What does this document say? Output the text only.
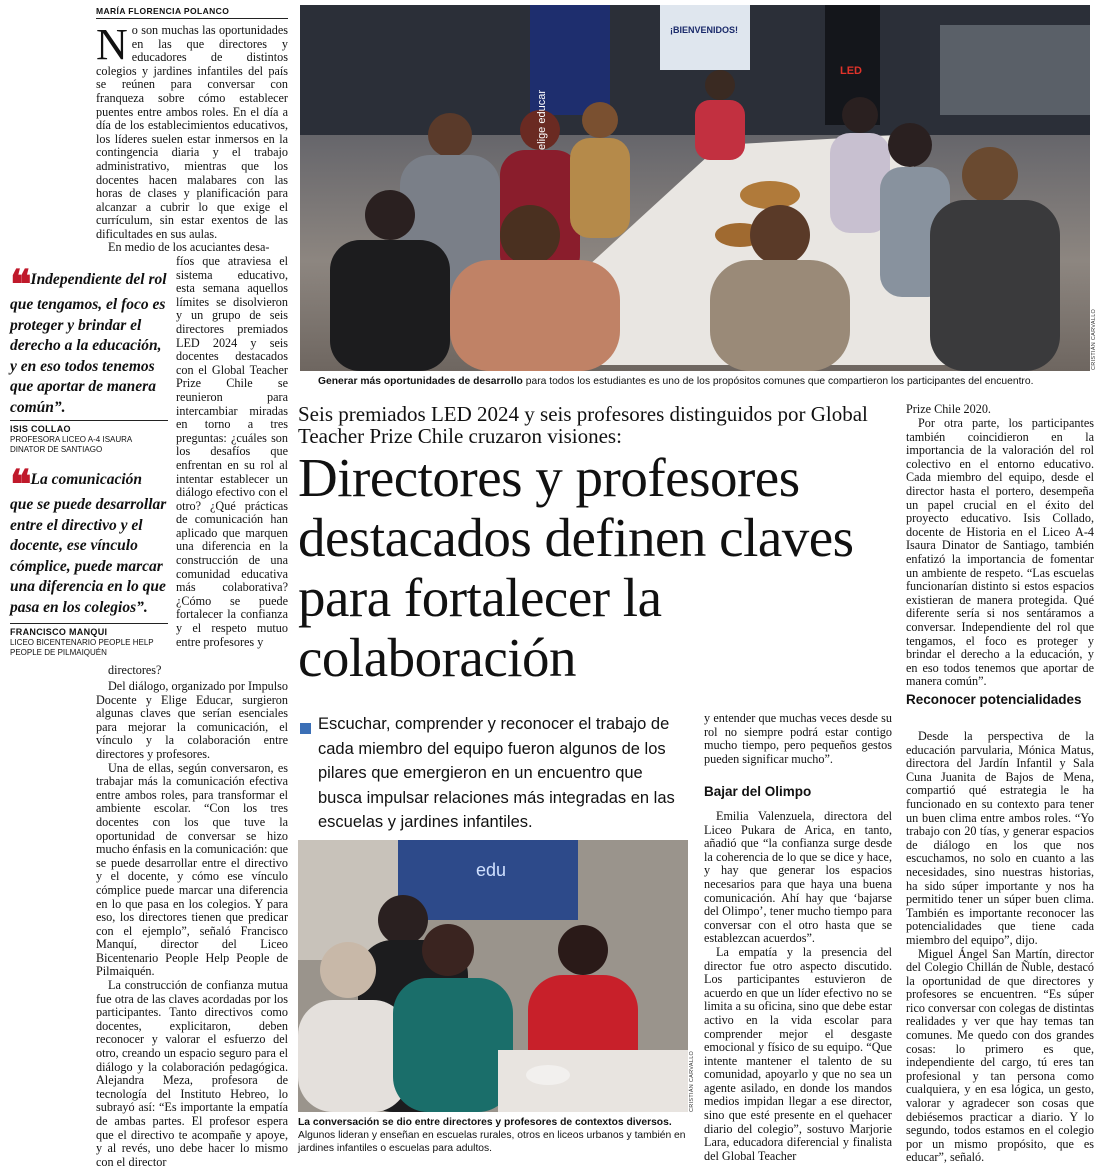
MARÍA FLORENCIA POLANCO
N o son muchas las oportunidades en las que directores y educadores de distintos colegios y jardines infantiles del país se reúnen para conversar con franqueza sobre cómo establecer puentes entre ambos roles. En el día a día de los establecimientos educativos, los líderes suelen estar inmersos en la contingencia diaria y el trabajo administrativo, mientras que los docentes hacen malabares con las horas de clases y planificación para alcanzar a cubrir lo que exige el currículum, sin estar exentos de las dificultades en sus aulas.

En medio de los acuciantes desa-

❝ Independiente del rol que tengamos, el foco es proteger y brindar el derecho a la educación, y en eso todos tenemos que aportar de manera común”.
ISIS COLLAO
PROFESORA LICEO A-4 ISAURA DINATOR DE SANTIAGO
❝ La comunicación que se puede desarrollar entre el directivo y el docente, ese vínculo cómplice, puede marcar una diferencia en lo que pasa en los colegios”.
FRANCISCO MANQUI
LICEO BICENTENARIO PEOPLE HELP PEOPLE DE PILMAIQUÉN
fíos que atraviesa el sistema educativo, esta semana aquellos límites se disolvieron y un grupo de seis directores premiados LED 2024 y seis docentes destacados con el Global Teacher Prize Chile se reunieron para intercambiar miradas en torno a tres preguntas: ¿cuáles son los desafíos que enfrentan en su rol al intentar establecer un diálogo efectivo con el otro? ¿Qué prácticas de comunicación han aplicado que marquen una diferencia en la construcción de una comunidad educativa más colaborativa? ¿Cómo se puede fortalecer la confianza y el respeto mutuo entre profesores y

directores?

Del diálogo, organizado por Impulso Docente y Elige Educar, surgieron algunas claves que serían esenciales para mejorar la comunicación, el vínculo y la colaboración entre directores y profesores.

Una de ellas, según conversaron, es trabajar más la comunicación efectiva entre ambos roles, para transformar el ambiente escolar. “Con los tres docentes con los que tuve la oportunidad de conversar se hizo mucho énfasis en la comunicación: que se puede desarrollar entre el directivo y el docente, y cómo ese vínculo cómplice puede marcar una diferencia en lo que pasa en los colegios. Y para eso, los directores tienen que predicar con el ejemplo”, señaló Francisco Manquí, director del Liceo Bicentenario People Help People de Pilmaiquén.

La construcción de confianza mutua fue otra de las claves acordadas por los participantes. Tanto directivos como docentes, explicitaron, deben reconocer y valorar el esfuerzo del otro, creando un espacio seguro para el diálogo y la colaboración pedagógica. Alejandra Meza, profesora de tecnología del Instituto Hebreo, lo subrayó así: “Es importante la empatía de ambas partes. El profesor espera que el directivo te acompañe y apoye, y al revés, uno debe hacer lo mismo con el director

¡BIENVENIDOS!
elige educar
LED
CRISTIÁN CARVALLO
Generar más oportunidades de desarrollo para todos los estudiantes es uno de los propósitos comunes que compartieron los participantes del encuentro.
Seis premiados LED 2024 y seis profesores distinguidos por Global Teacher Prize Chile cruzaron visiones:
Directores y profesores destacados definen claves para fortalecer la colaboración
Escuchar, comprender y reconocer el trabajo de cada miembro del equipo fueron algunos de los pilares que emergieron en un encuentro que busca impulsar relaciones más integradas en las escuelas y jardines infantiles.
edu
CRISTIÁN CARVALLO
La conversación se dio entre directores y profesores de contextos diversos. Algunos lideran y enseñan en escuelas rurales, otros en liceos urbanos y también en jardines infantiles o escuelas para adultos.
y entender que muchas veces desde su rol no siempre podrá estar contigo mucho tiempo, pero pequeños gestos pueden significar mucho”.
Bajar del Olimpo

Emilia Valenzuela, directora del Liceo Pukara de Arica, en tanto, añadió que “la confianza surge desde la coherencia de lo que se dice y hace, y hay que generar los espacios necesarios para que haya una buena comunicación. Ahí hay que ‘bajarse del Olimpo’, tener mucho tiempo para conversar con el otro hasta que se establezcan acuerdos”.

La empatía y la presencia del director fue otro aspecto discutido. Los participantes estuvieron de acuerdo en que un líder efectivo no se limita a su oficina, sino que debe estar activo en la vida escolar para comprender mejor el desgaste emocional y físico de su equipo. “Que intente mantener el talento de su comunidad, apoyarlo y que no sea un agente asilado, en donde los mandos medios impidan llegar a ese director, sino que esté presente en el quehacer diario del colegio”, sostuvo Marjorie Lara, educadora diferencial y finalista del Global Teacher

Prize Chile 2020.

Por otra parte, los participantes también coincidieron en la importancia de la valoración del rol colectivo en el entorno educativo. Cada miembro del equipo, desde el director hasta el portero, desempeña un papel crucial en el éxito del proyecto educativo. Isis Collado, docente de Historia en el Liceo A-4 Isaura Dinator de Santiago, también enfatizó la importancia de fomentar un ambiente de respeto. “Las escuelas funcionarían distinto si estos espacios existieran de manera protegida. Qué diferente sería si nos sentáramos a conversar. Independiente del rol que tengamos, el foco es proteger y brindar el derecho a la educación, y en eso todos tenemos que aportar de manera común”.

Reconocer potencialidades

Desde la perspectiva de la educación parvularia, Mónica Matus, directora del Jardín Infantil y Sala Cuna Juanita de Bajos de Mena, compartió qué estrategia le ha funcionado en su contexto para tener un buen clima entre ambos roles. “Yo trabajo con 20 tías, y generar espacios de diálogo en los que nos escuchamos, no solo en cuanto a las necesidades, sino nuestras historias, ha sido súper importante y nos ha permitido tener un súper buen clima. También es importante reconocer las potencialidades que tiene cada miembro del equipo”, dijo.

Miguel Ángel San Martín, director del Colegio Chillán de Ñuble, destacó la oportunidad de que directores y profesores se encuentren. “Es súper rico conversar con colegas de distintas realidades y ver que hay temas tan comunes. Me quedo con dos grandes cosas: lo primero es que, independiente del cargo, tú eres tan profesional y tan persona como cualquiera, y en esa lógica, un gesto, valorar y agradecer son cosas que debiésemos practicar a diario. Y lo segundo, todos estamos en el colegio por un mismo propósito, que es educar”, señaló.
